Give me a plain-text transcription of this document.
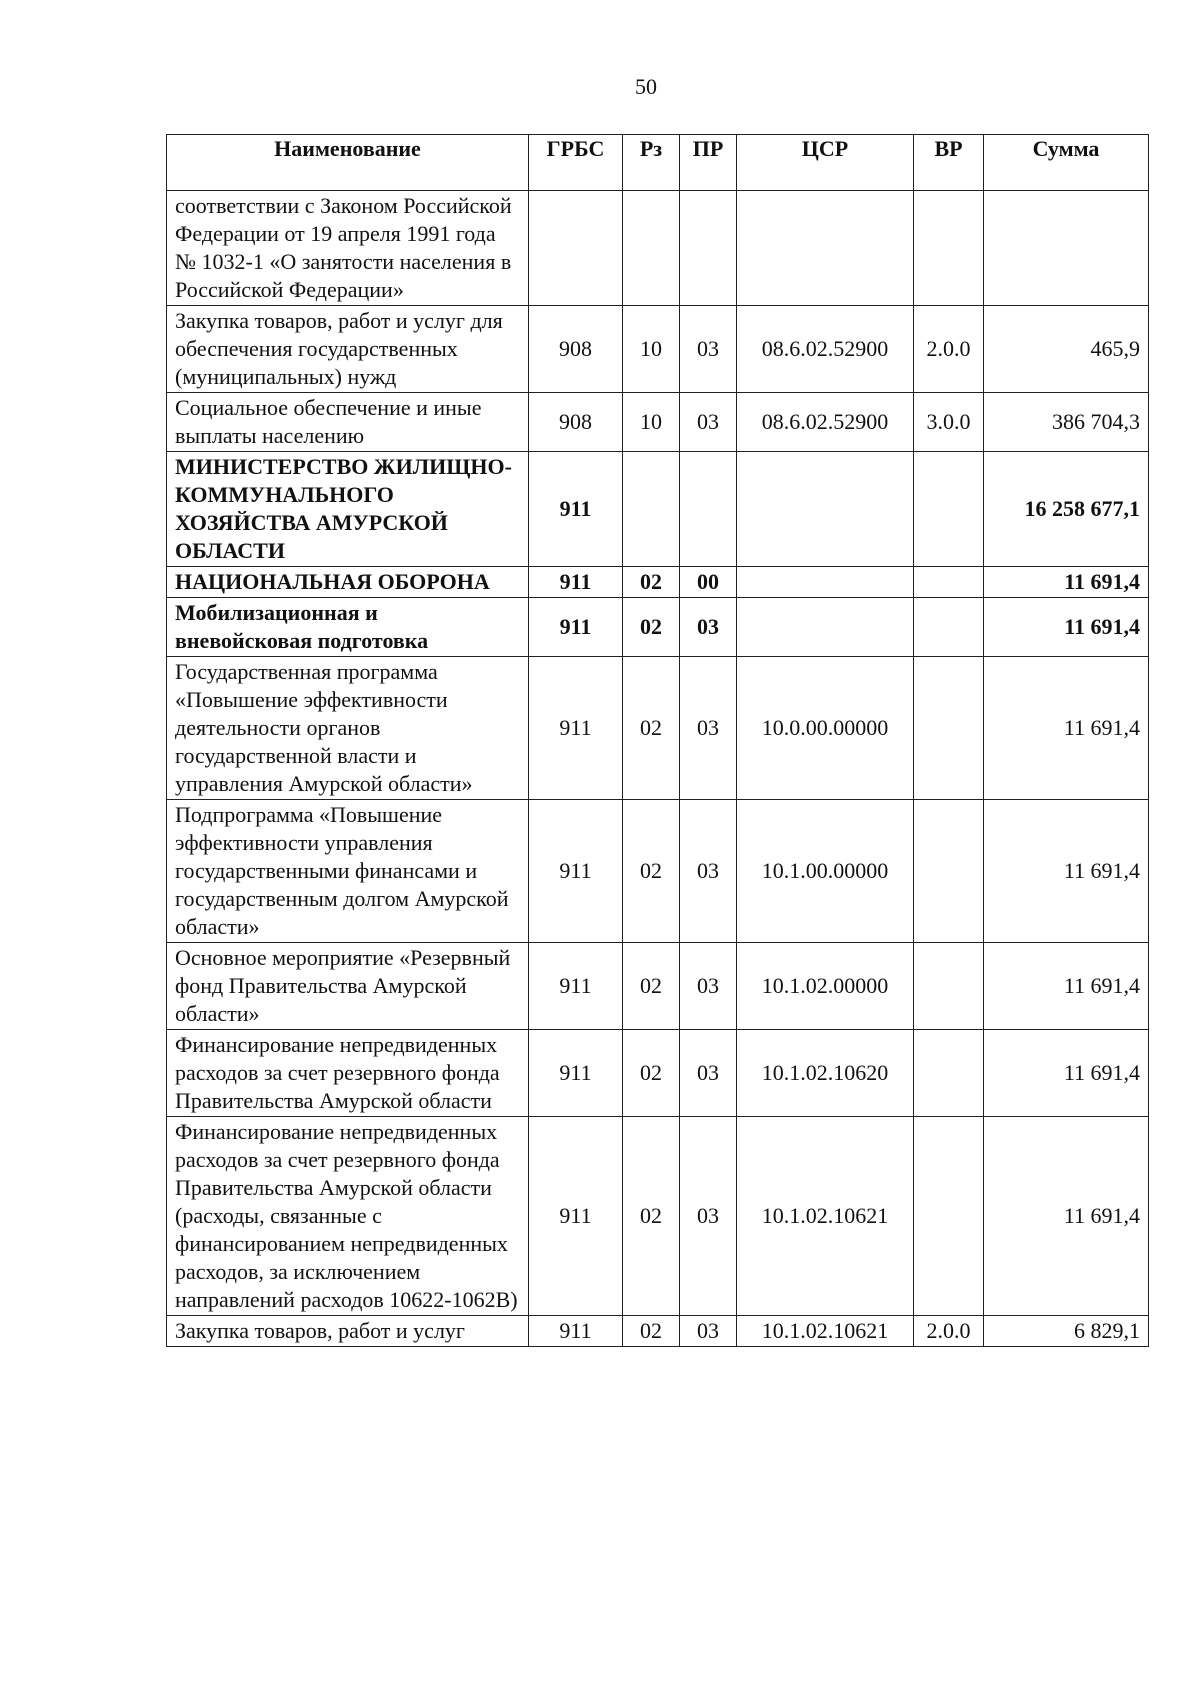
50
Наименование	ГРБС	Рз	ПР	ЦСР	ВР	Сумма
соответствии с Законом Российской Федерации от 19 апреля 1991 года № 1032-1 «О занятости населения в Российской Федерации»						
Закупка товаров, работ и услуг для обеспечения государственных (муниципальных) нужд	908	10	03	08.6.02.52900	2.0.0	465,9
Социальное обеспечение и иные выплаты населению	908	10	03	08.6.02.52900	3.0.0	386 704,3
МИНИСТЕРСТВО ЖИЛИЩНО-КОММУНАЛЬНОГО ХОЗЯЙСТВА АМУРСКОЙ ОБЛАСТИ	911					16 258 677,1
НАЦИОНАЛЬНАЯ ОБОРОНА	911	02	00			11 691,4
Мобилизационная и вневойсковая подготовка	911	02	03			11 691,4
Государственная программа «Повышение эффективности деятельности органов государственной власти и управления Амурской области»	911	02	03	10.0.00.00000		11 691,4
Подпрограмма «Повышение эффективности управления государственными финансами и государственным долгом Амурской области»	911	02	03	10.1.00.00000		11 691,4
Основное мероприятие «Резервный фонд Правительства Амурской области»	911	02	03	10.1.02.00000		11 691,4
Финансирование непредвиденных расходов за счет резервного фонда Правительства Амурской области	911	02	03	10.1.02.10620		11 691,4
Финансирование непредвиденных расходов за счет резервного фонда Правительства Амурской области (расходы, связанные с финансированием непредвиденных расходов, за исключением направлений расходов 10622-1062В)	911	02	03	10.1.02.10621		11 691,4
Закупка товаров, работ и услуг	911	02	03	10.1.02.10621	2.0.0	6 829,1
